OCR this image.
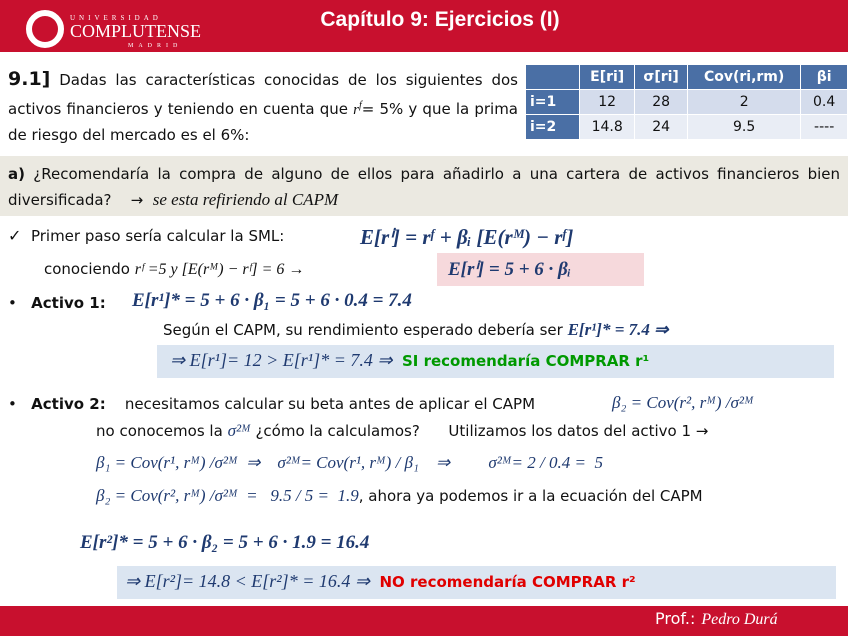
UNIVERSIDAD
COMPLUTENSE
MADRID
Capítulo 9: Ejercicios (I)
9.1] Dadas las características conocidas de los siguientes dos activos financieros y teniendo en cuenta que $r^f= 5\%$ y que la prima de riesgo del mercado es el 6%:
	E[ri]	σ[ri]	Cov(ri,rm)	βi
i=1	12	28	2	0.4
i=2	14.8	24	9.5	----
a) ¿Recomendaría la compra de alguno de ellos para añadirlo a una cartera de activos financieros bien diversificada? → se esta refiriendo al CAPM
✓ Primer paso sería calcular la SML:	E[rⁱ] = rᶠ + βᵢ [E(rᴹ) − rᶠ]
conociendo rᶠ =5 y [E(rᴹ) − rᶠ] = 6 →	E[rⁱ] = 5 + 6 · βᵢ
• Activo 1: E[r¹]* = 5 + 6 · β₁ = 5 + 6 · 0.4 = 7.4
Según el CAPM, su rendimiento esperado debería ser E[r¹]* = 7.4 ⇒
⇒ E[r¹]= 12 > E[r¹]* = 7.4 ⇒ SI recomendaría COMPRAR r¹
• Activo 2: necesitamos calcular su beta antes de aplicar el CAPM	β₂ = Cov(r², rᴹ) /σ²ᴹ
no conocemos la σ²ᴹ ¿cómo la calculamos? Utilizamos los datos del activo 1 →
β₁ = Cov(r¹, rᴹ) /σ²ᴹ  ⇒    σ²ᴹ= Cov(r¹, rᴹ) / β₁    ⇒         σ²ᴹ= 2 / 0.4 =  5
β₂ = Cov(r², rᴹ) /σ²ᴹ  =   9.5 / 5 =  1.9, ahora ya podemos ir a la ecuación del CAPM
E[r²]* = 5 + 6 · β₂ = 5 + 6 · 1.9 = 16.4
⇒ E[r²]= 14.8 < E[r²]* = 16.4 ⇒ NO recomendaría COMPRAR r²
Prof.: Pedro Durá
